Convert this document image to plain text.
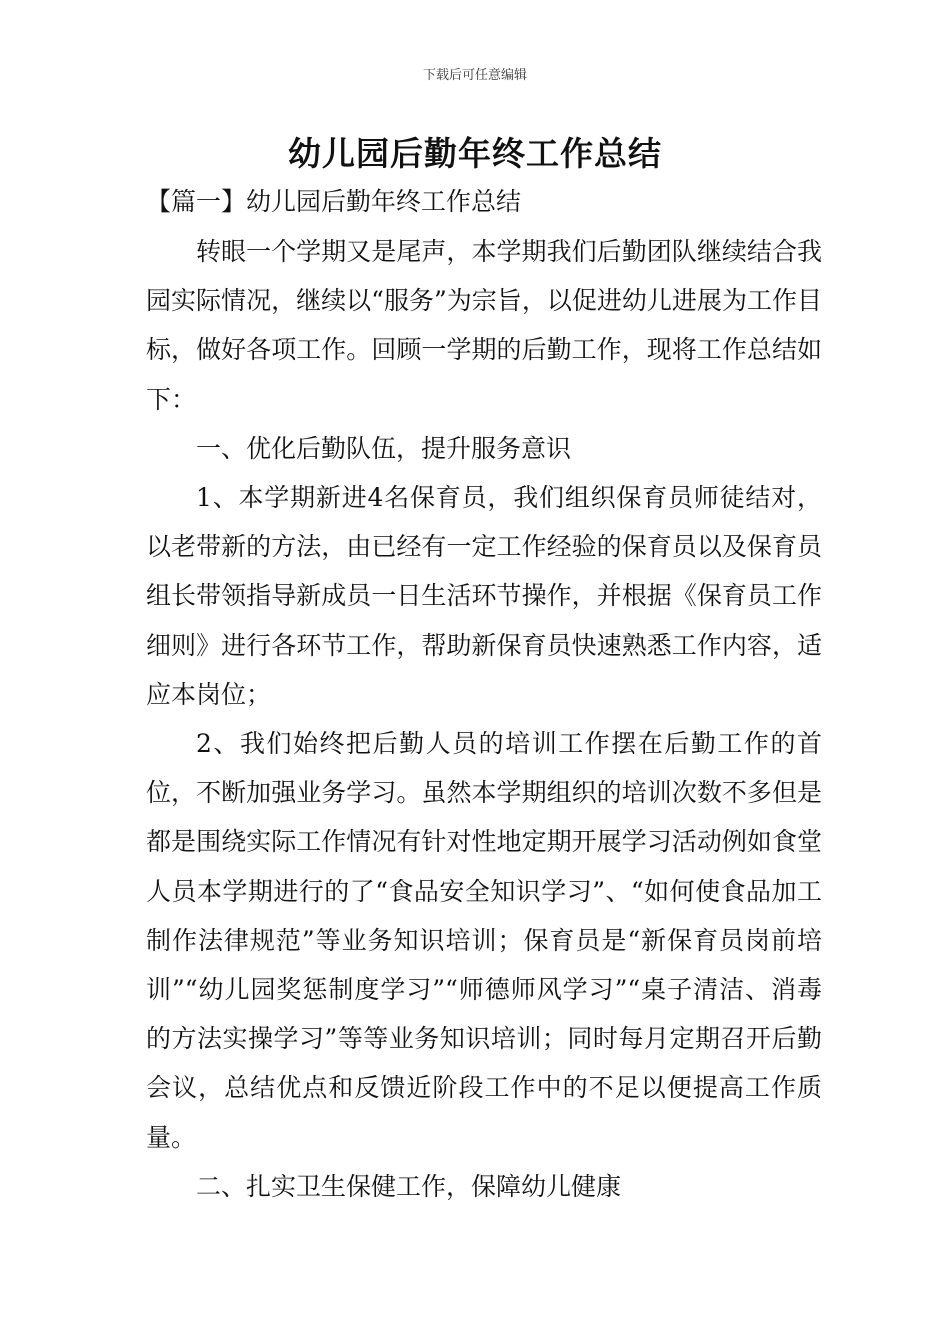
下载后可任意编辑
幼儿园后勤年终工作总结
【篇一】幼儿园后勤年终工作总结

转眼一个学期又是尾声，本学期我们后勤团队继续结合我园实际情况，继续以“服务”为宗旨，以促进幼儿进展为工作目标，做好各项工作。回顾一学期的后勤工作，现将工作总结如下：

一、优化后勤队伍，提升服务意识

1、本学期新进4名保育员，我们组织保育员师徒结对，以老带新的方法，由已经有一定工作经验的保育员以及保育员组长带领指导新成员一日生活环节操作，并根据《保育员工作细则》进行各环节工作，帮助新保育员快速熟悉工作内容，适应本岗位；

2、我们始终把后勤人员的培训工作摆在后勤工作的首位，不断加强业务学习。虽然本学期组织的培训次数不多但是都是围绕实际工作情况有针对性地定期开展学习活动例如食堂人员本学期进行的了“食品安全知识学习”、“如何使食品加工制作法律规范”等业务知识培训；保育员是“新保育员岗前培训”“幼儿园奖惩制度学习”“师德师风学习”“桌子清洁、消毒的方法实操学习”等等业务知识培训；同时每月定期召开后勤会议，总结优点和反馈近阶段工作中的不足以便提高工作质量。

二、扎实卫生保健工作，保障幼儿健康
